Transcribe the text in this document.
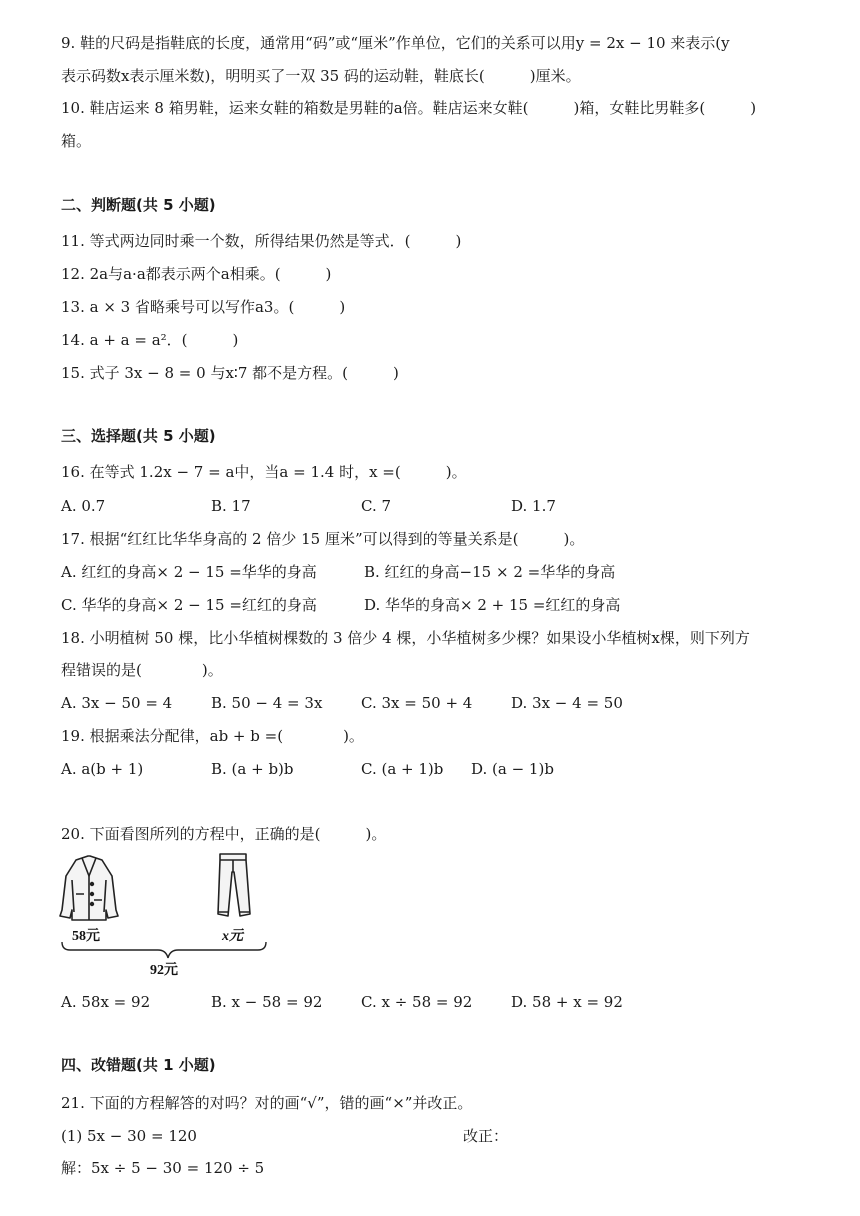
9. 鞋的尺码是指鞋底的长度，通常用“码”或“厘米”作单位，它们的关系可以用y = 2x − 10 来表示(y
表示码数x表示厘米数)，明明买了一双 35 码的运动鞋，鞋底长(　　　)厘米。
10. 鞋店运来 8 箱男鞋，运来女鞋的箱数是男鞋的a倍。鞋店运来女鞋(　　　)箱，女鞋比男鞋多(　　　)
箱。
二、判断题(共 5 小题)
11. 等式两边同时乘一个数，所得结果仍然是等式．(　　　)
12. 2a与a·a都表示两个a相乘。(　　　)
13. a × 3 省略乘号可以写作a3。(　　　)
14. a + a = a²．(　　　)
15. 式子 3x − 8 = 0 与x∶7 都不是方程。(　　　)
三、选择题(共 5 小题)
16. 在等式 1.2x − 7 = a中，当a = 1.4 时，x =(　　　)。
A. 0.7	B. 17	C. 7	D. 1.7
17. 根据“红红比华华身高的 2 倍少 15 厘米”可以得到的等量关系是(　　　)。
A. 红红的身高× 2 − 15 =华华的身高	B. 红红的身高−15 × 2 =华华的身高
C. 华华的身高× 2 − 15 =红红的身高	D. 华华的身高× 2 + 15 =红红的身高
18. 小明植树 50 棵，比小华植树棵数的 3 倍少 4 棵，小华植树多少棵？如果设小华植树x棵，则下列方
程错误的是(　　　　)。
A. 3x − 50 = 4	B. 50 − 4 = 3x	C. 3x = 50 + 4	D. 3x − 4 = 50
19. 根据乘法分配律，ab + b =(　　　　)。
A. a(b + 1)	B. (a + b)b	C. (a + 1)b D. (a − 1)b
20. 下面看图所列的方程中，正确的是(　　　)。
58元	x元
92元
A. 58x = 92	B. x − 58 = 92	C. x ÷ 58 = 92	D. 58 + x = 92
四、改错题(共 1 小题)
21. 下面的方程解答的对吗？对的画“√”，错的画“×”并改正。
(1) 5x − 30 = 120	改正：
解：5x ÷ 5 − 30 = 120 ÷ 5
